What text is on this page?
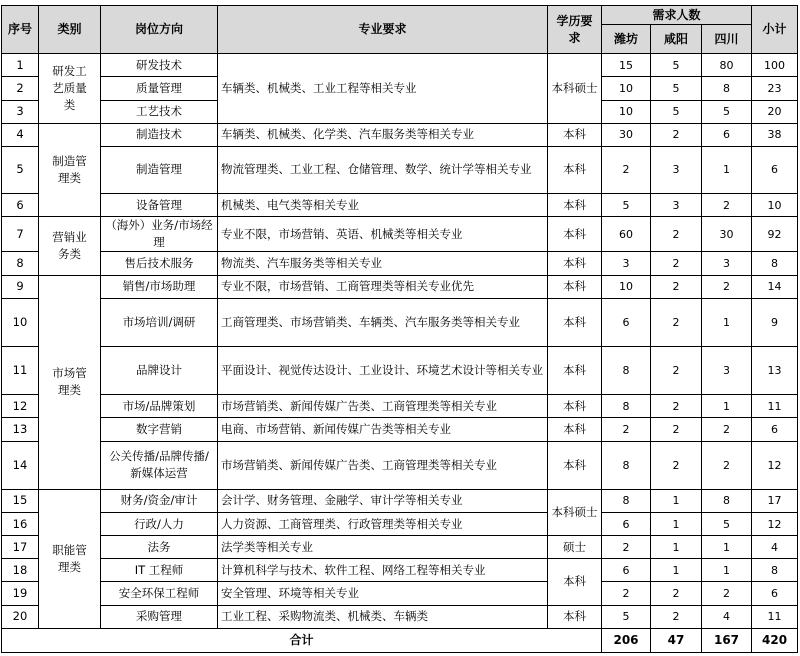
序号	类别	岗位方向	专业要求	学历要求	需求人数			小计
					潍坊	咸阳	四川	
1	研发工艺质量类	研发技术	车辆类、机械类、工业工程等相关专业	本科硕士	15	5	80	100
2		质量管理			10	5	8	23
3		工艺技术			10	5	5	20
4	制造管理类	制造技术	车辆类、机械类、化学类、汽车服务类等相关专业	本科	30	2	6	38
5		制造管理	物流管理类、工业工程、仓储管理、数学、统计学等相关专业	本科	2	3	1	6
6		设备管理	机械类、电气类等相关专业	本科	5	3	2	10
7	营销业务类	（海外）业务/市场经理	专业不限，市场营销、英语、机械类等相关专业	本科	60	2	30	92
8		售后技术服务	物流类、汽车服务类等相关专业	本科	3	2	3	8
9	市场管理类	销售/市场助理	专业不限，市场营销、工商管理类等相关专业优先	本科	10	2	2	14
10		市场培训/调研	工商管理类、市场营销类、车辆类、汽车服务类等相关专业	本科	6	2	1	9
11		品牌设计	平面设计、视觉传达设计、工业设计、环境艺术设计等相关专业	本科	8	2	3	13
12		市场/品牌策划	市场营销类、新闻传媒广告类、工商管理类等相关专业	本科	8	2	1	11
13		数字营销	电商、市场营销、新闻传媒广告类等相关专业	本科	2	2	2	6
14		公关传播/品牌传播/新媒体运营	市场营销类、新闻传媒广告类、工商管理类等相关专业	本科	8	2	2	12
15	职能管理类	财务/资金/审计	会计学、财务管理、金融学、审计学等相关专业	本科硕士	8	1	8	17
16		行政/人力	人力资源、工商管理类、行政管理类等相关专业		6	1	5	12
17		法务	法学类等相关专业	硕士	2	1	1	4
18		IT 工程师	计算机科学与技术、软件工程、网络工程等相关专业	本科	6	1	1	8
19		安全环保工程师	安全管理、环境等相关专业		2	2	2	6
20		采购管理	工业工程、采购物流类、机械类、车辆类	本科	5	2	4	11
合计					206	47	167	420
